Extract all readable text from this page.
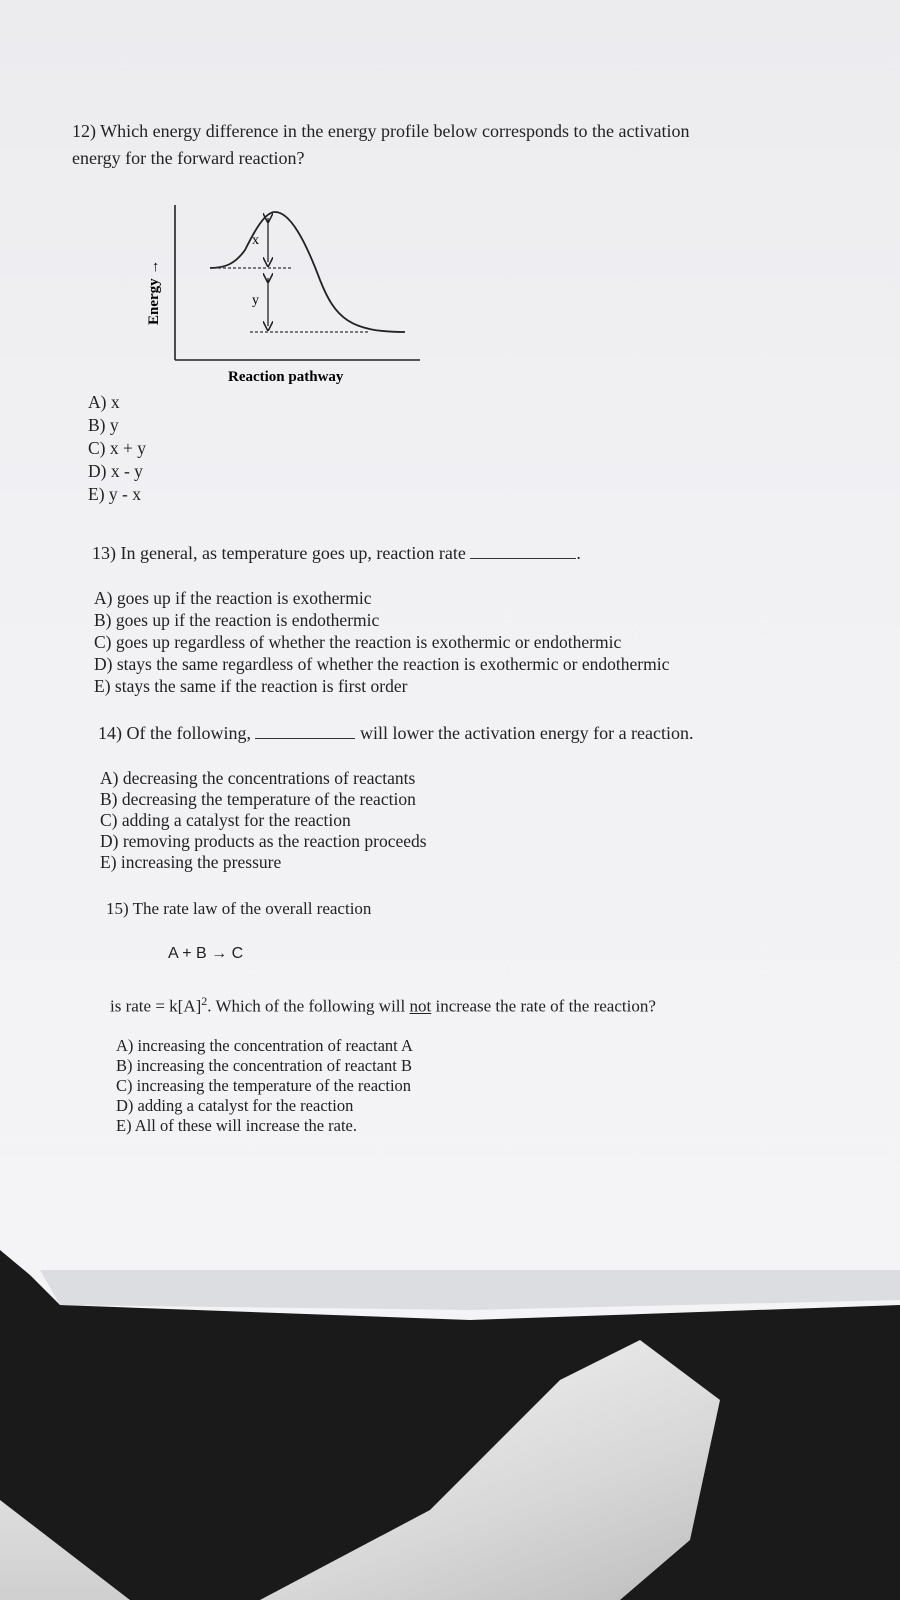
12) Which energy difference in the energy profile below corresponds to the activation
energy for the forward reaction?
x
y
Energy →
Reaction pathway
A) x
B) y
C) x + y
D) x - y
E) y - x
13) In general, as temperature goes up, reaction rate	.
A) goes up if the reaction is exothermic
B) goes up if the reaction is endothermic
C) goes up regardless of whether the reaction is exothermic or endothermic
D) stays the same regardless of whether the reaction is exothermic or endothermic
E) stays the same if the reaction is first order
14) Of the following,	will lower the activation energy for a reaction.
A) decreasing the concentrations of reactants
B) decreasing the temperature of the reaction
C) adding a catalyst for the reaction
D) removing products as the reaction proceeds
E) increasing the pressure
15) The rate law of the overall reaction
A + B → C
is rate = $k[A]^2$. Which of the following will not increase the rate of the reaction?
A) increasing the concentration of reactant A
B) increasing the concentration of reactant B
C) increasing the temperature of the reaction
D) adding a catalyst for the reaction
E) All of these will increase the rate.
